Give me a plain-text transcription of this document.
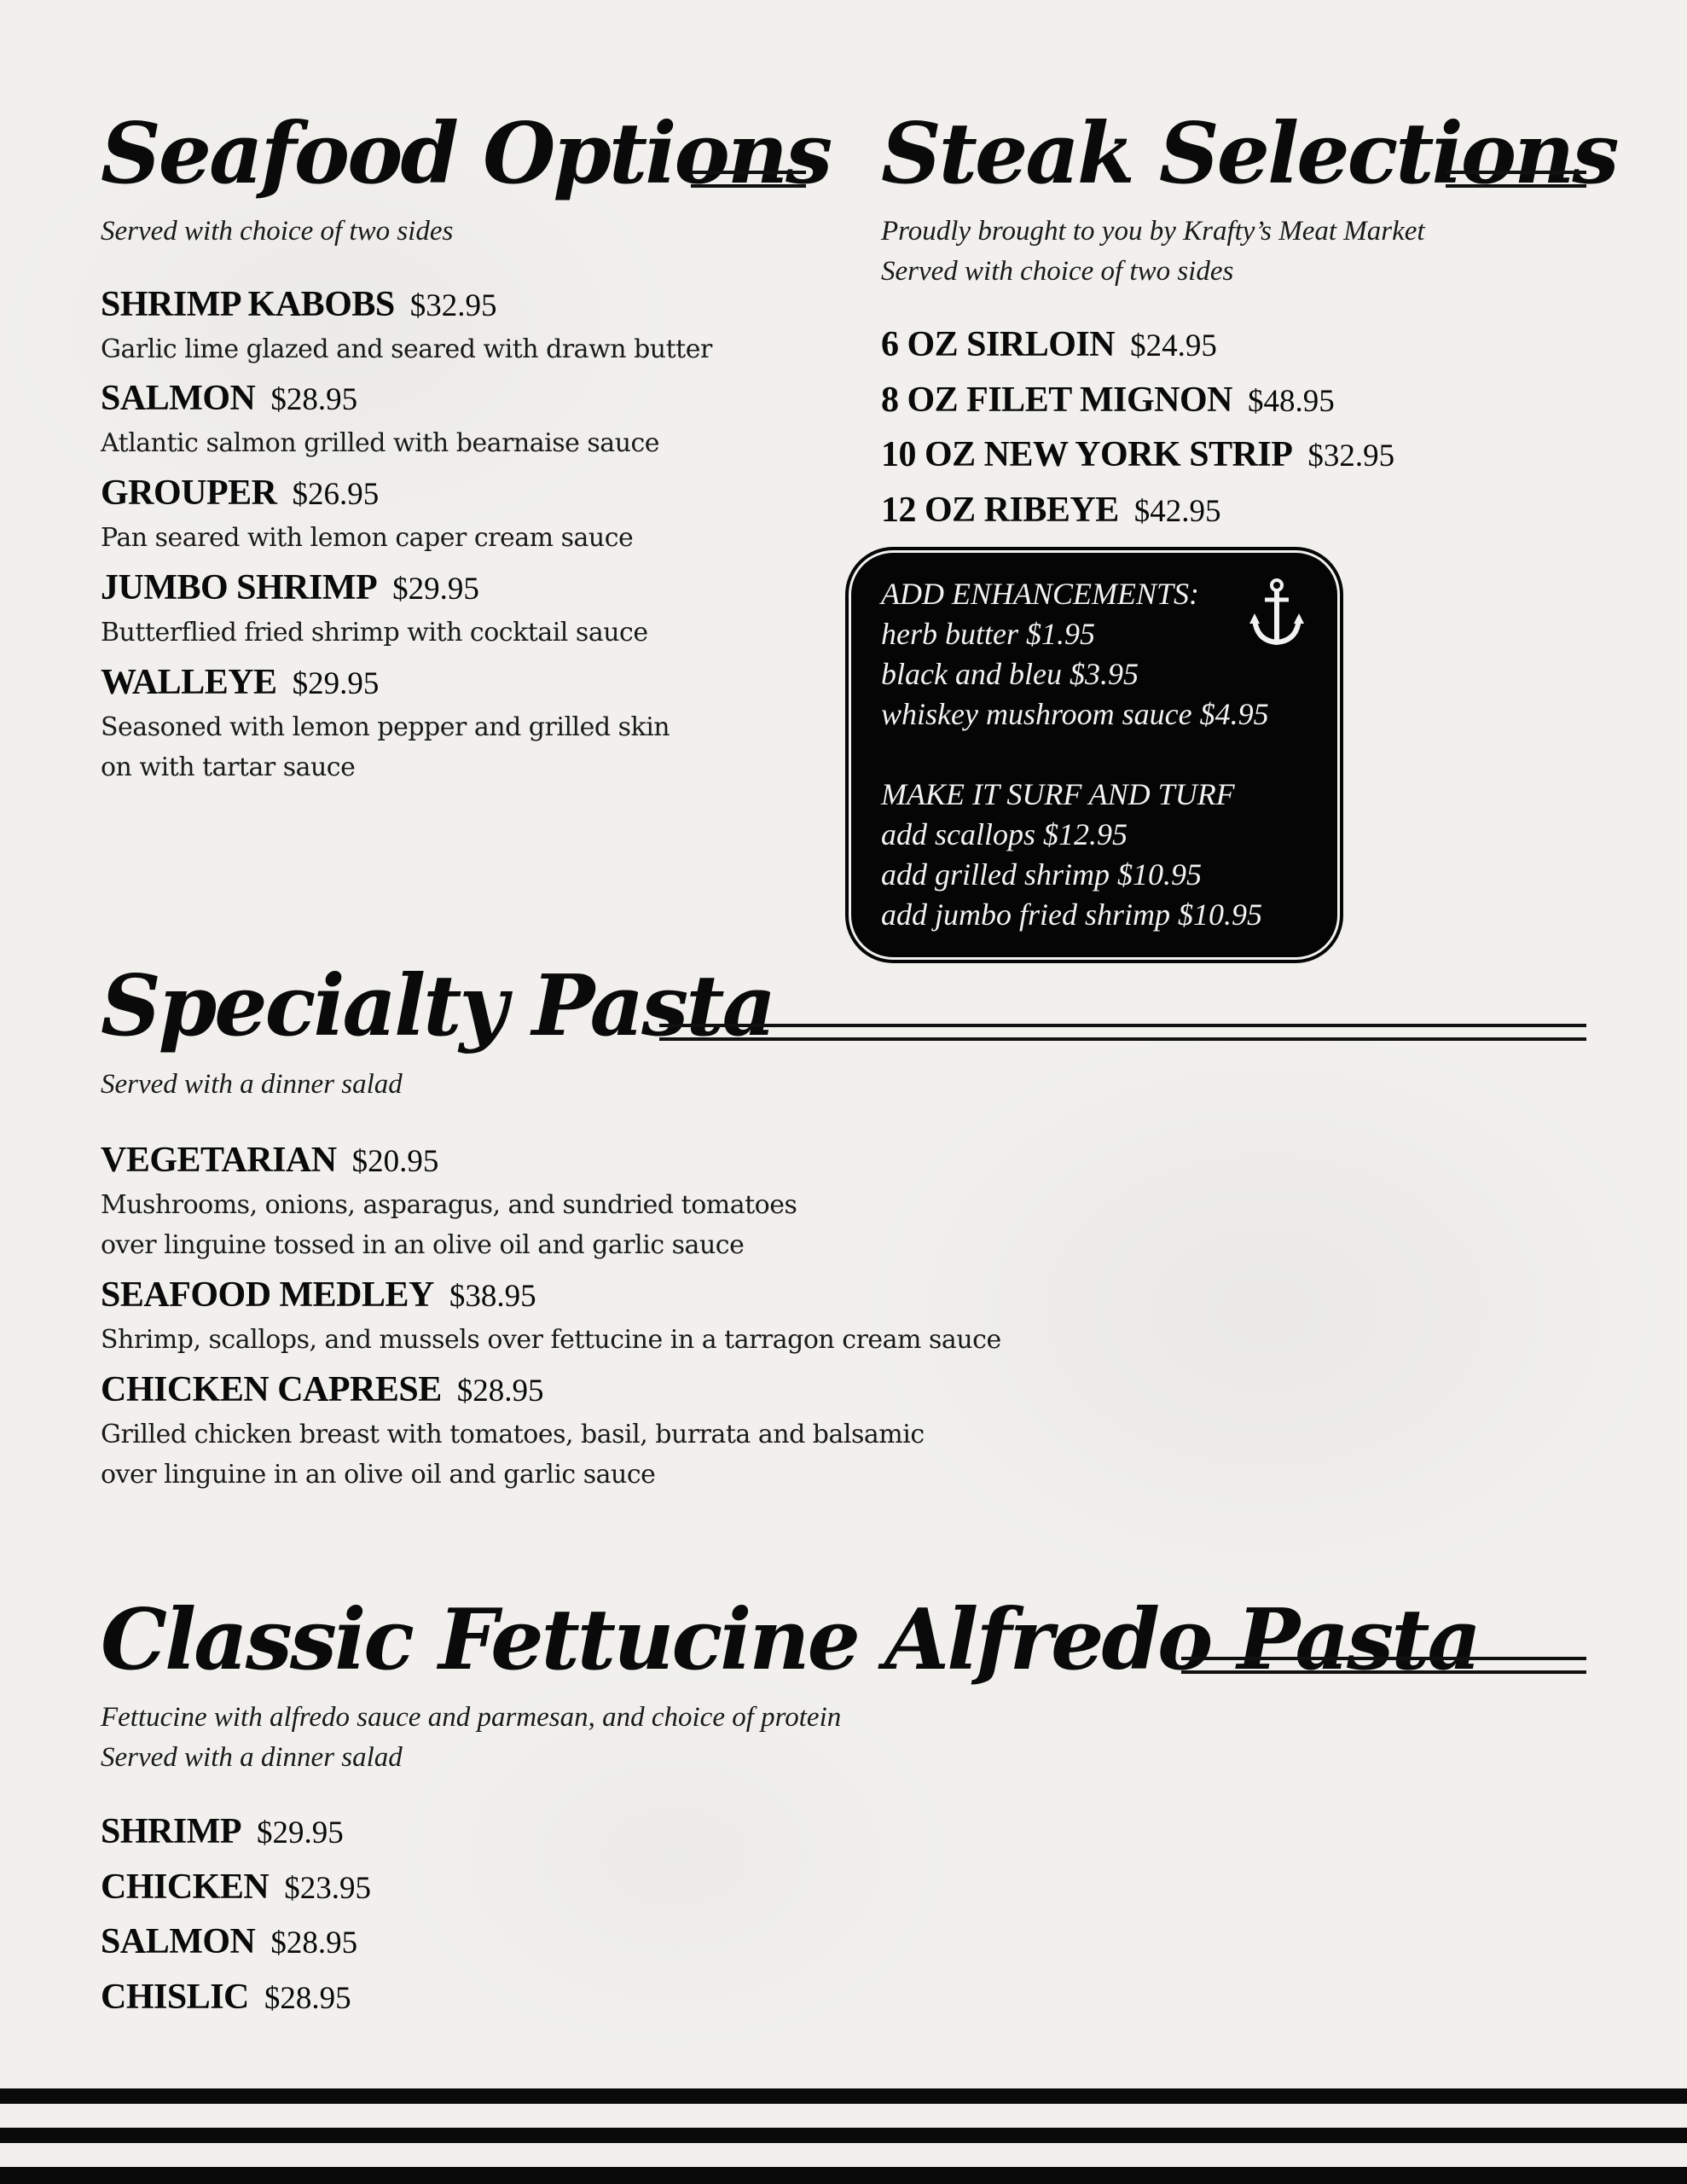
Seafood Options
Served with choice of two sides
SHRIMP KABOBS $32.95
Garlic lime glazed and seared with drawn butter
SALMON $28.95
Atlantic salmon grilled with bearnaise sauce
GROUPER $26.95
Pan seared with lemon caper cream sauce
JUMBO SHRIMP $29.95
Butterflied fried shrimp with cocktail sauce
WALLEYE $29.95
Seasoned with lemon pepper and grilled skin
on with tartar sauce
Steak Selections
Proudly brought to you by Krafty’s Meat Market
Served with choice of two sides
6 OZ SIRLOIN $24.95
8 OZ FILET MIGNON $48.95
10 OZ NEW YORK STRIP $32.95
12 OZ RIBEYE $42.95
ADD ENHANCEMENTS:
herb butter $1.95
black and bleu $3.95
whiskey mushroom sauce $4.95
MAKE IT SURF AND TURF
add scallops $12.95
add grilled shrimp $10.95
add jumbo fried shrimp $10.95
Specialty Pasta
Served with a dinner salad
VEGETARIAN $20.95
Mushrooms, onions, asparagus, and sundried tomatoes
over linguine tossed in an olive oil and garlic sauce
SEAFOOD MEDLEY $38.95
Shrimp, scallops, and mussels over fettucine in a tarragon cream sauce
CHICKEN CAPRESE $28.95
Grilled chicken breast with tomatoes, basil, burrata and balsamic
over linguine in an olive oil and garlic sauce
Classic Fettucine Alfredo Pasta
Fettucine with alfredo sauce and parmesan, and choice of protein
Served with a dinner salad
SHRIMP $29.95
CHICKEN $23.95
SALMON $28.95
CHISLIC $28.95
